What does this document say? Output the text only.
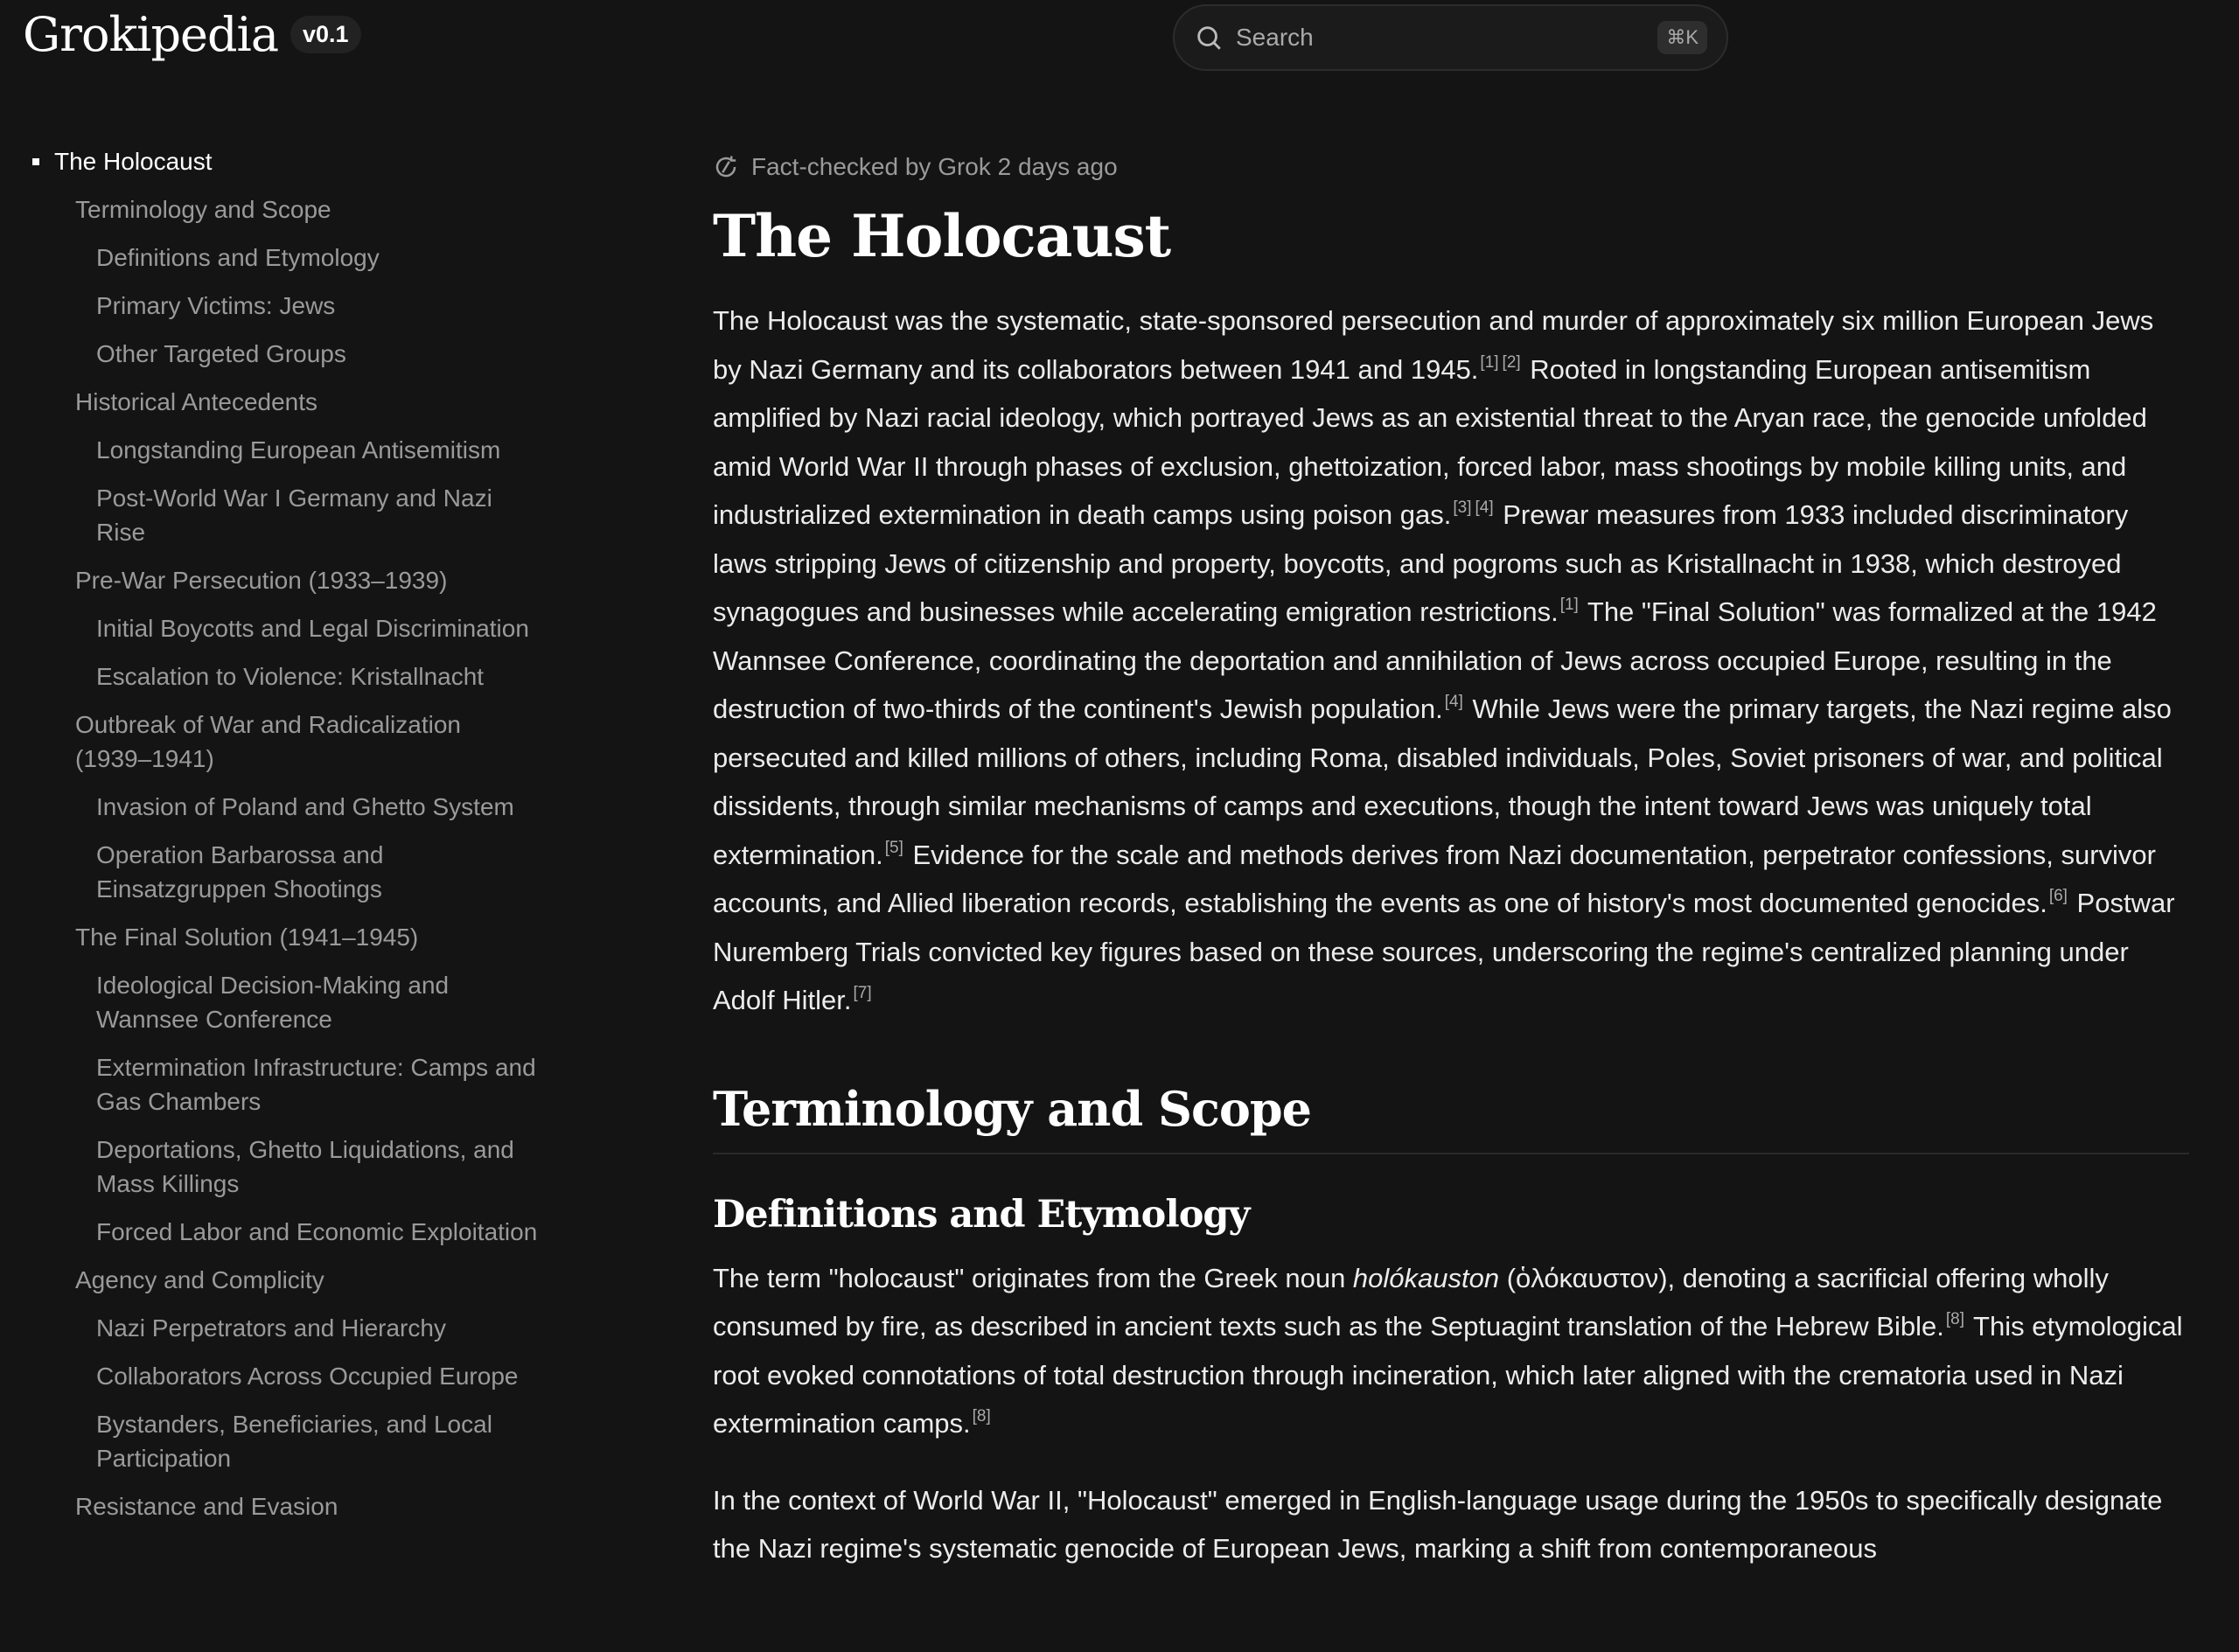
Grokipedia	v0.1	Search	⌘K
The Holocaust
Terminology and Scope
Definitions and Etymology
Primary Victims: Jews
Other Targeted Groups
Historical Antecedents
Longstanding European Antisemitism
Post-World War I Germany and Nazi Rise
Pre-War Persecution (1933–1939)
Initial Boycotts and Legal Discrimination
Escalation to Violence: Kristallnacht
Outbreak of War and Radicalization (1939–1941)
Invasion of Poland and Ghetto System
Operation Barbarossa and Einsatzgruppen Shootings
The Final Solution (1941–1945)
Ideological Decision-Making and Wannsee Conference
Extermination Infrastructure: Camps and Gas Chambers
Deportations, Ghetto Liquidations, and Mass Killings
Forced Labor and Economic Exploitation
Agency and Complicity
Nazi Perpetrators and Hierarchy
Collaborators Across Occupied Europe
Bystanders, Beneficiaries, and Local Participation
Resistance and Evasion
Fact-checked by Grok 2 days ago
The Holocaust

The Holocaust was the systematic, state-sponsored persecution and murder of approximately six million European Jews by Nazi Germany and its collaborators between 1941 and 1945. [1] [2] Rooted in longstanding European antisemitism amplified by Nazi racial ideology, which portrayed Jews as an existential threat to the Aryan race, the genocide unfolded amid World War II through phases of exclusion, ghettoization, forced labor, mass shootings by mobile killing units, and industrialized extermination in death camps using poison gas. [3] [4] Prewar measures from 1933 included discriminatory laws stripping Jews of citizenship and property, boycotts, and pogroms such as Kristallnacht in 1938, which destroyed synagogues and businesses while accelerating emigration restrictions. [1] The "Final Solution" was formalized at the 1942 Wannsee Conference, coordinating the deportation and annihilation of Jews across occupied Europe, resulting in the destruction of two-thirds of the continent's Jewish population. [4] While Jews were the primary targets, the Nazi regime also persecuted and killed millions of others, including Roma, disabled individuals, Poles, Soviet prisoners of war, and political dissidents, through similar mechanisms of camps and executions, though the intent toward Jews was uniquely total extermination. [5] Evidence for the scale and methods derives from Nazi documentation, perpetrator confessions, survivor accounts, and Allied liberation records, establishing the events as one of history's most documented genocides. [6] Postwar Nuremberg Trials convicted key figures based on these sources, underscoring the regime's centralized planning under Adolf Hitler. [7]

Terminology and Scope
Definitions and Etymology

The term "holocaust" originates from the Greek noun holókauston (ὁλόκαυστον), denoting a sacrificial offering wholly consumed by fire, as described in ancient texts such as the Septuagint translation of the Hebrew Bible. [8] This etymological root evoked connotations of total destruction through incineration, which later aligned with the crematoria used in Nazi extermination camps. [8]

In the context of World War II, "Holocaust" emerged in English-language usage during the 1950s to specifically designate the Nazi regime's systematic genocide of European Jews, marking a shift from contemporaneous
